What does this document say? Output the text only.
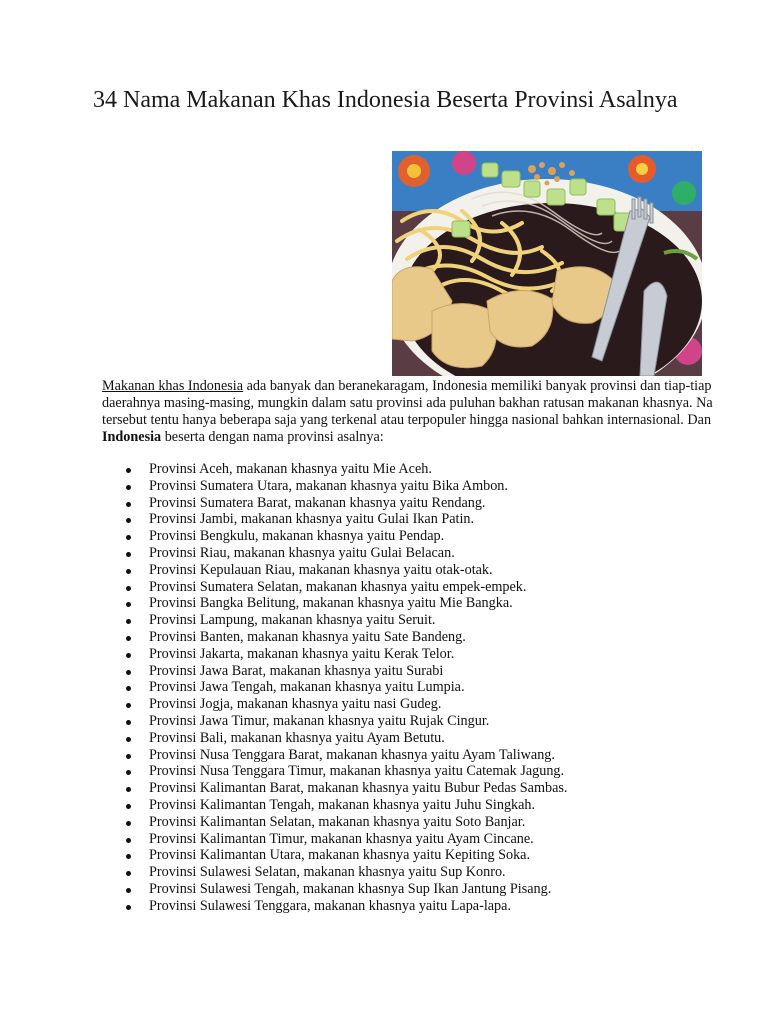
34 Nama Makanan Khas Indonesia Beserta Provinsi Asalnya

Makanan khas Indonesia ada banyak dan beranekaragam, Indonesia memiliki banyak provinsi dan tiap-tiap
daerahnya masing-masing, mungkin dalam satu provinsi ada puluhan bakhan ratusan makanan khasnya. Na
tersebut tentu hanya beberapa saja yang terkenal atau terpopuler hingga nasional bahkan internasional. Dan
Indonesia beserta dengan nama provinsi asalnya:

Provinsi Aceh, makanan khasnya yaitu Mie Aceh.
Provinsi Sumatera Utara, makanan khasnya yaitu Bika Ambon.
Provinsi Sumatera Barat, makanan khasnya yaitu Rendang.
Provinsi Jambi, makanan khasnya yaitu Gulai Ikan Patin.
Provinsi Bengkulu, makanan khasnya yaitu Pendap.
Provinsi Riau, makanan khasnya yaitu Gulai Belacan.
Provinsi Kepulauan Riau, makanan khasnya yaitu otak-otak.
Provinsi Sumatera Selatan, makanan khasnya yaitu empek-empek.
Provinsi Bangka Belitung, makanan khasnya yaitu Mie Bangka.
Provinsi Lampung, makanan khasnya yaitu Seruit.
Provinsi Banten, makanan khasnya yaitu Sate Bandeng.
Provinsi Jakarta, makanan khasnya yaitu Kerak Telor.
Provinsi Jawa Barat, makanan khasnya yaitu Surabi
Provinsi Jawa Tengah, makanan khasnya yaitu Lumpia.
Provinsi Jogja, makanan khasnya yaitu nasi Gudeg.
Provinsi Jawa Timur, makanan khasnya yaitu Rujak Cingur.
Provinsi Bali, makanan khasnya yaitu Ayam Betutu.
Provinsi Nusa Tenggara Barat, makanan khasnya yaitu Ayam Taliwang.
Provinsi Nusa Tenggara Timur, makanan khasnya yaitu Catemak Jagung.
Provinsi Kalimantan Barat, makanan khasnya yaitu Bubur Pedas Sambas.
Provinsi Kalimantan Tengah, makanan khasnya yaitu Juhu Singkah.
Provinsi Kalimantan Selatan, makanan khasnya yaitu Soto Banjar.
Provinsi Kalimantan Timur, makanan khasnya yaitu Ayam Cincane.
Provinsi Kalimantan Utara, makanan khasnya yaitu Kepiting Soka.
Provinsi Sulawesi Selatan, makanan khasnya yaitu Sup Konro.
Provinsi Sulawesi Tengah, makanan khasnya Sup Ikan Jantung Pisang.
Provinsi Sulawesi Tenggara, makanan khasnya yaitu Lapa-lapa.
